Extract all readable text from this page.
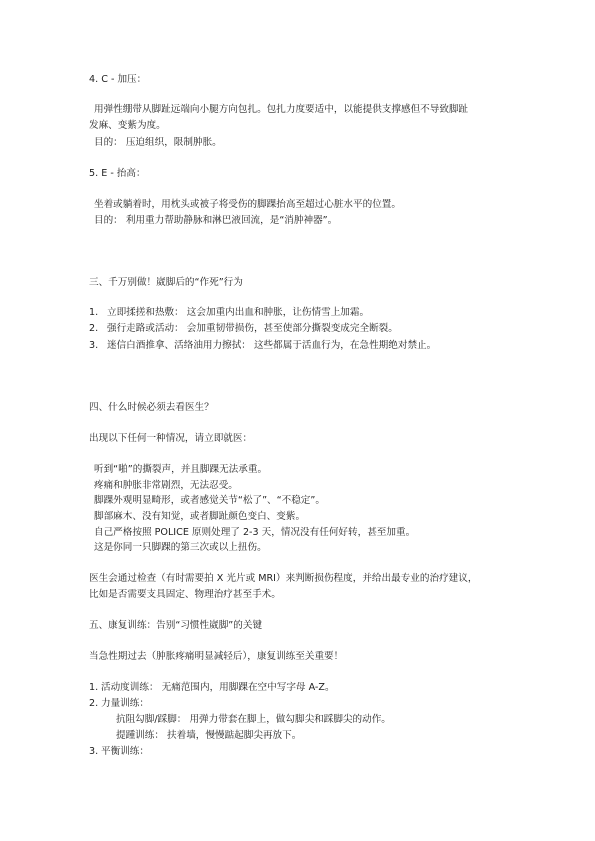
4. C - 加压：
用弹性绷带从脚趾远端向小腿方向包扎。包扎力度要适中，以能提供支撑感但不导致脚趾
发麻、变紫为度。
目的： 压迫组织，限制肿胀。
5. E - 抬高：
坐着或躺着时，用枕头或被子将受伤的脚踝抬高至超过心脏水平的位置。
目的： 利用重力帮助静脉和淋巴液回流，是“消肿神器”。
三、千万别做！崴脚后的“作死”行为
1. 立即揉搓和热敷： 这会加重内出血和肿胀，让伤情雪上加霜。
2. 强行走路或活动： 会加重韧带损伤，甚至使部分撕裂变成完全断裂。
3. 迷信白酒推拿、活络油用力擦拭： 这些都属于活血行为，在急性期绝对禁止。
四、什么时候必须去看医生？
出现以下任何一种情况，请立即就医：
听到“啪”的撕裂声，并且脚踝无法承重。
疼痛和肿胀非常剧烈，无法忍受。
脚踝外观明显畸形，或者感觉关节“松了”、“不稳定”。
脚部麻木、没有知觉，或者脚趾颜色变白、变紫。
自己严格按照 POLICE 原则处理了 2-3 天，情况没有任何好转，甚至加重。
这是你同一只脚踝的第三次或以上扭伤。
医生会通过检查（有时需要拍 X 光片或 MRI）来判断损伤程度，并给出最专业的治疗建议，
比如是否需要支具固定、物理治疗甚至手术。
五、康复训练：告别“习惯性崴脚”的关键
当急性期过去（肿胀疼痛明显减轻后），康复训练至关重要！
1. 活动度训练： 无痛范围内，用脚踝在空中写字母 A-Z。
2. 力量训练：
抗阻勾脚/踩脚： 用弹力带套在脚上，做勾脚尖和踩脚尖的动作。
提踵训练： 扶着墙，慢慢踮起脚尖再放下。
3. 平衡训练：
